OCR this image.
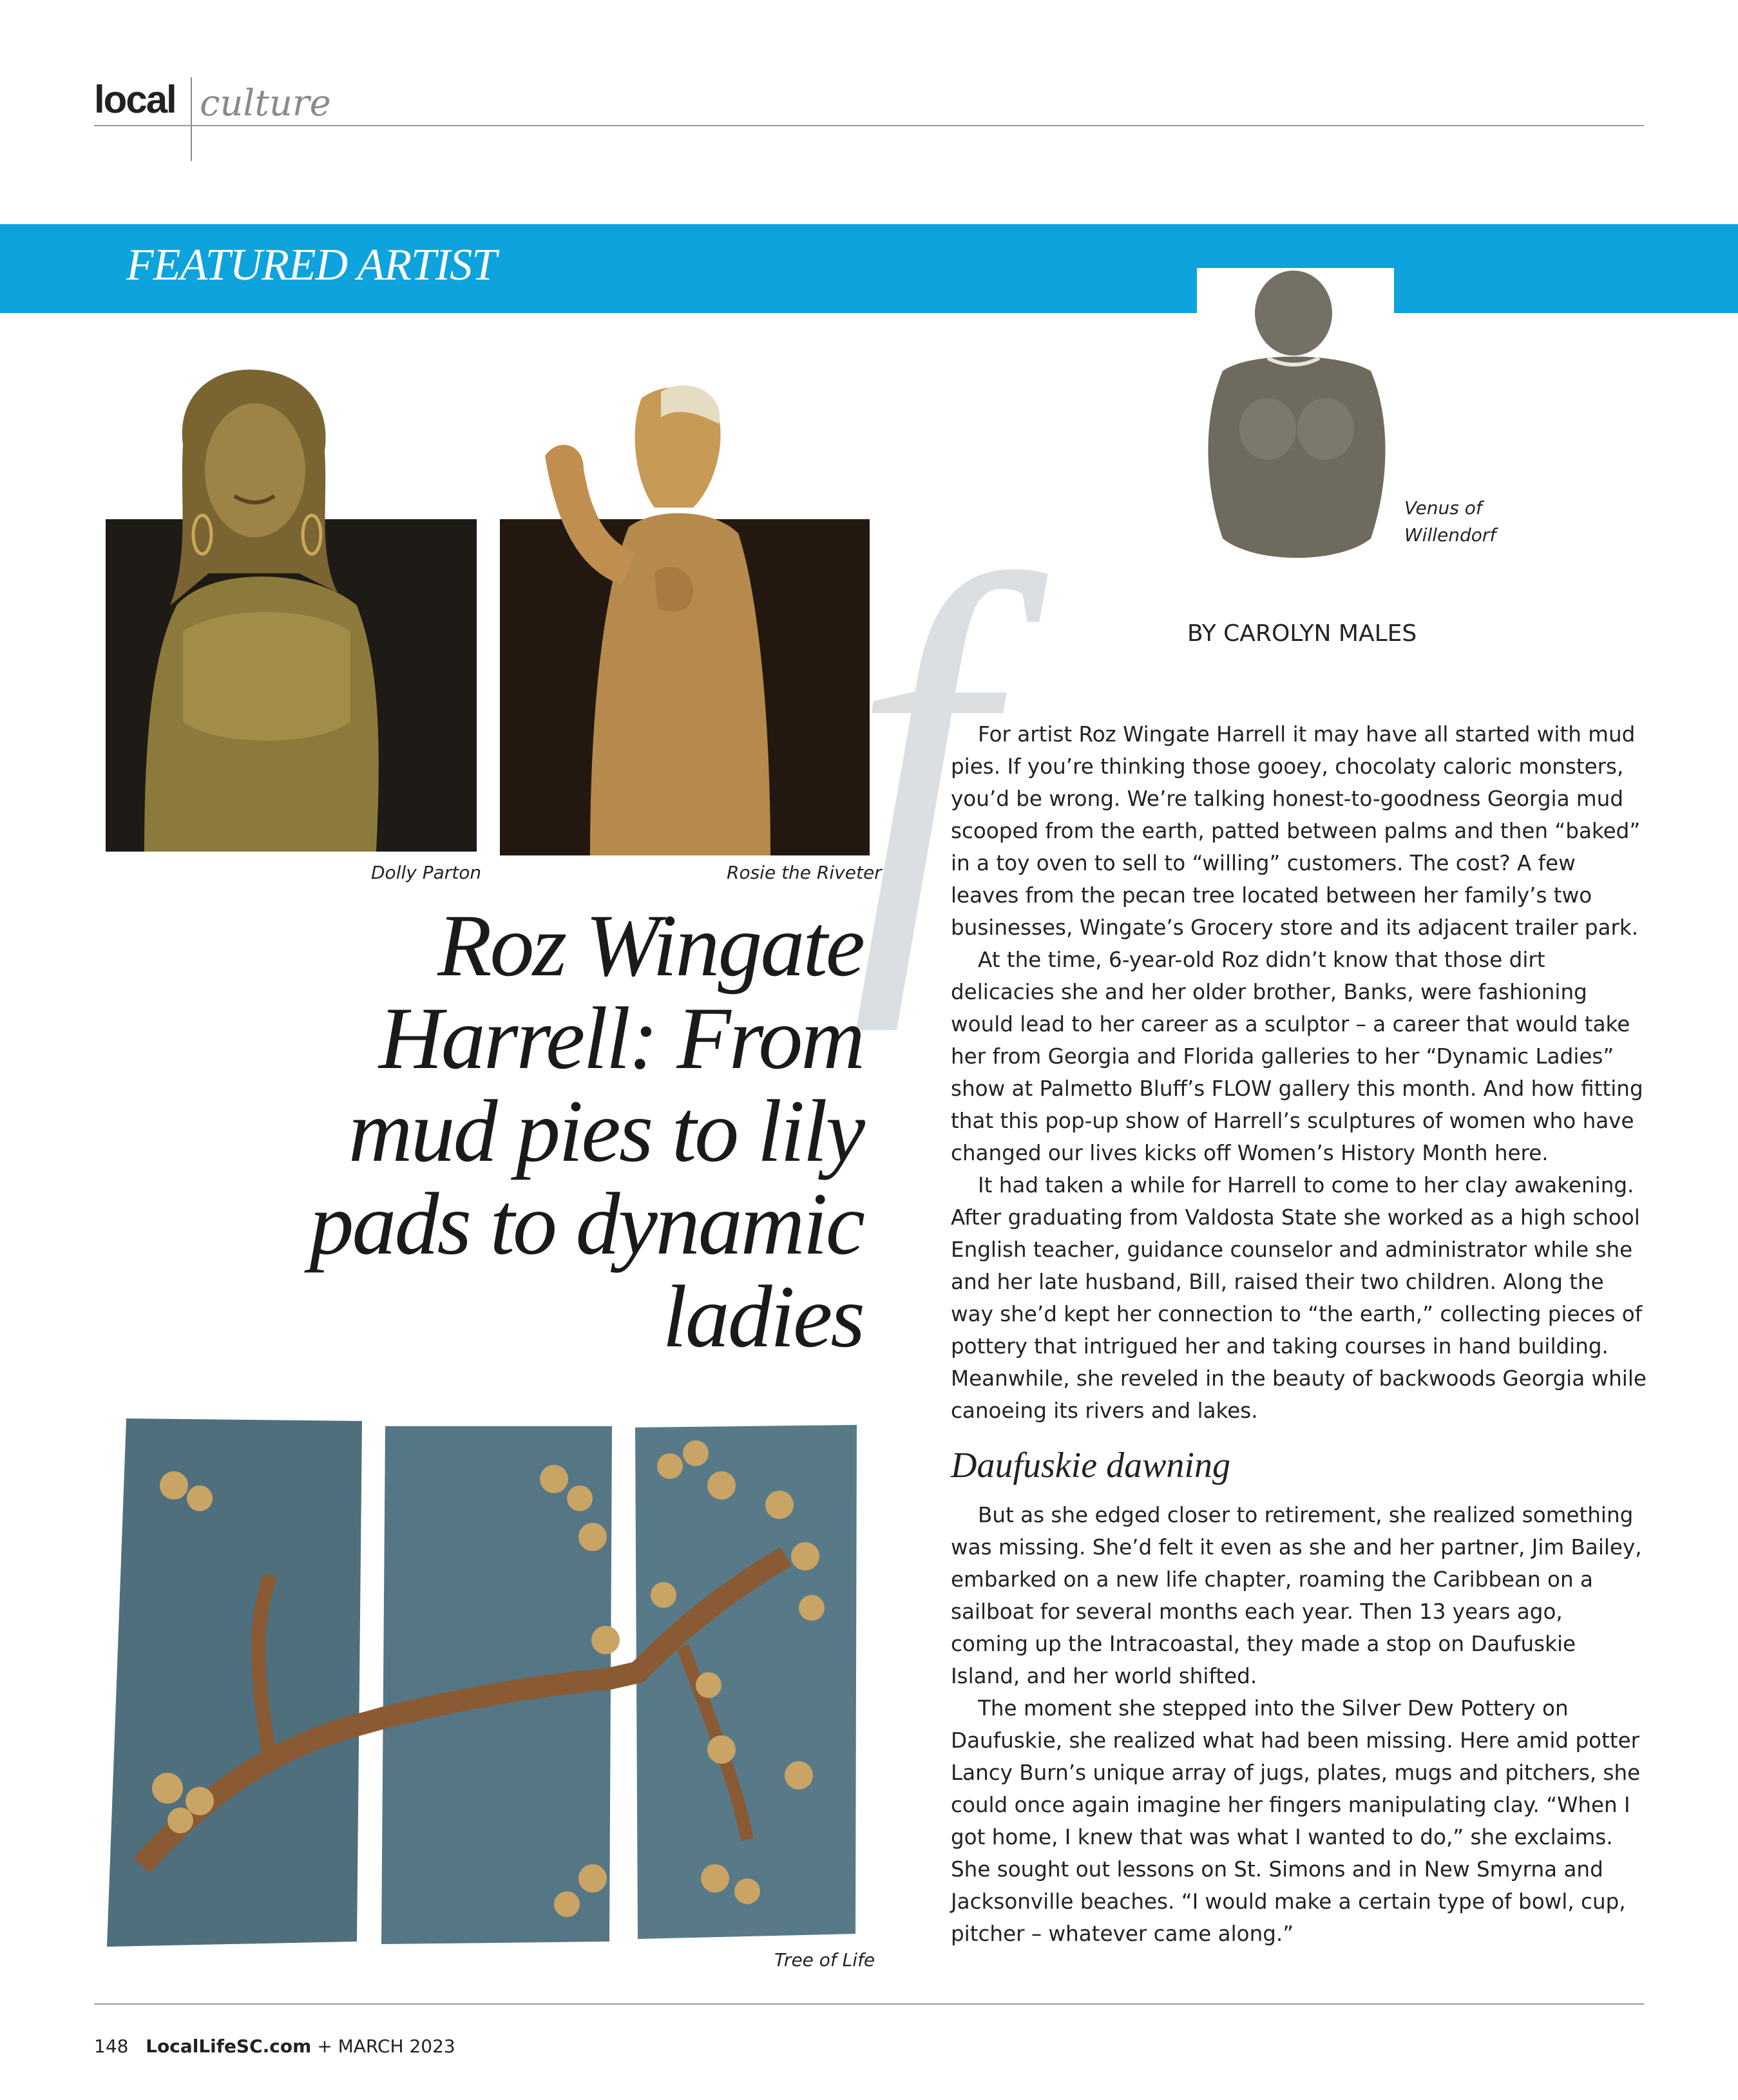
local culture
FEATURED ARTIST
Dolly Parton	Rosie the Riveter
Venus of Willendorf
f	BY CAROLYN MALES
Roz Wingate Harrell: From mud pies to lily pads to dynamic ladies
Tree of Life

For artist Roz Wingate Harrell it may have all started with mud pies. If you’re thinking those gooey, chocolaty caloric monsters, you’d be wrong. We’re talking honest-to-goodness Georgia mud scooped from the earth, patted between palms and then “baked” in a toy oven to sell to “willing” customers. The cost? A few leaves from the pecan tree located between her family’s two businesses, Wingate’s Grocery store and its adjacent trailer park.

At the time, 6-year-old Roz didn’t know that those dirt delicacies she and her older brother, Banks, were fashioning would lead to her career as a sculptor – a career that would take her from Georgia and Florida galleries to her “Dynamic Ladies” show at Palmetto Bluff’s FLOW gallery this month. And how fitting that this pop-up show of Harrell’s sculptures of women who have changed our lives kicks off Women’s History Month here.

It had taken a while for Harrell to come to her clay awakening. After graduating from Valdosta State she worked as a high school English teacher, guidance counselor and administrator while she and her late husband, Bill, raised their two children. Along the way she’d kept her connection to “the earth,” collecting pieces of pottery that intrigued her and taking courses in hand building. Meanwhile, she reveled in the beauty of backwoods Georgia while canoeing its rivers and lakes.

Daufuskie dawning

But as she edged closer to retirement, she realized something was missing. She’d felt it even as she and her partner, Jim Bailey, embarked on a new life chapter, roaming the Caribbean on a sailboat for several months each year. Then 13 years ago, coming up the Intracoastal, they made a stop on Daufuskie Island, and her world shifted.

The moment she stepped into the Silver Dew Pottery on Daufuskie, she realized what had been missing. Here amid potter Lancy Burn’s unique array of jugs, plates, mugs and pitchers, she could once again imagine her fingers manipulating clay. “When I got home, I knew that was what I wanted to do,” she exclaims. She sought out lessons on St. Simons and in New Smyrna and Jacksonville beaches. “I would make a certain type of bowl, cup, pitcher – whatever came along.”

148 LocalLifeSC.com + MARCH 2023
